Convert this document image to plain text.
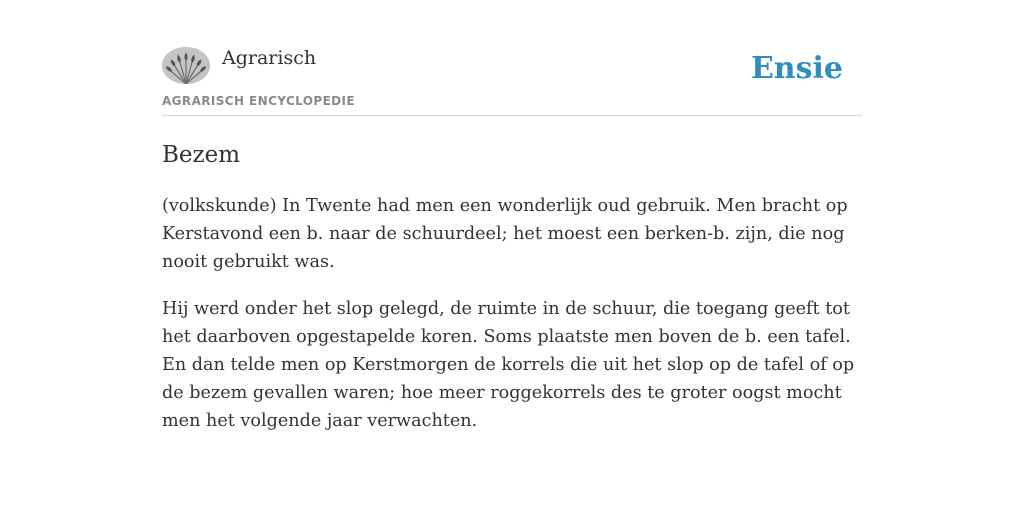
Agrarisch
AGRARISCH ENCYCLOPEDIE
Ensie
Bezem

(volkskunde) In Twente had men een wonderlijk oud gebruik. Men bracht op Kerstavond een b. naar de schuurdeel; het moest een berken-b. zijn, die nog nooit gebruikt was.

Hij werd onder het slop gelegd, de ruimte in de schuur, die toegang geeft tot het daarboven opgestapelde koren. Soms plaatste men boven de b. een tafel. En dan telde men op Kerstmorgen de korrels die uit het slop op de tafel of op de bezem gevallen waren; hoe meer roggekorrels des te groter oogst mocht men het volgende jaar verwachten.
